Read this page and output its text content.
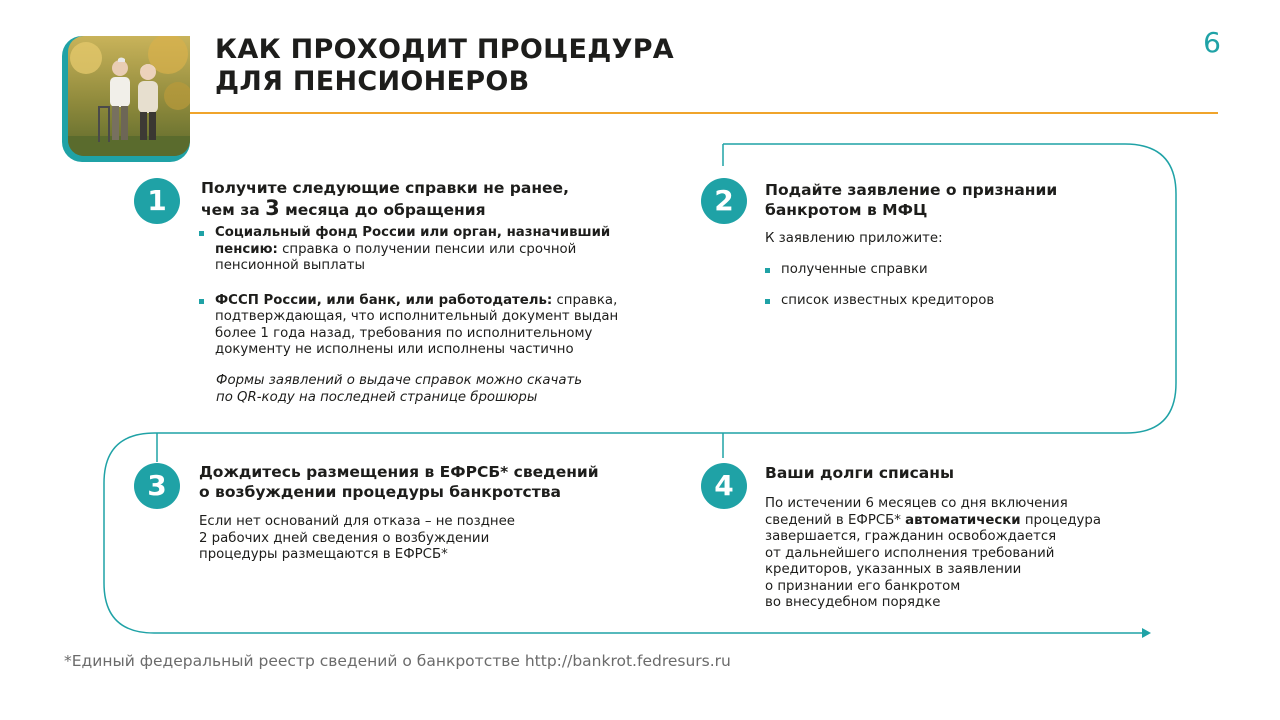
КАК ПРОХОДИТ ПРОЦЕДУРА
ДЛЯ ПЕНСИОНЕРОВ
6
1	Получите следующие справки не ранее,
чем за 3 месяца до обращения
Социальный фонд России или орган, назначивший
пенсию: справка о получении пенсии или срочной
пенсионной выплаты
ФССП России, или банк, или работодатель: справка,
подтверждающая, что исполнительный документ выдан
более 1 года назад, требования по исполнительному
документу не исполнены или исполнены частично
Формы заявлений о выдаче справок можно скачать
по QR-коду на последней странице брошюры
2	Подайте заявление о признании
банкротом в МФЦ
К заявлению приложите:
полученные справки
список известных кредиторов
3	Дождитесь размещения в ЕФРСБ* сведений
о возбуждении процедуры банкротства
Если нет оснований для отказа – не позднее
2 рабочих дней сведения о возбуждении
процедуры размещаются в ЕФРСБ*
4	Ваши долги списаны
По истечении 6 месяцев со дня включения
сведений в ЕФРСБ* автоматически процедура
завершается, гражданин освобождается
от дальнейшего исполнения требований
кредиторов, указанных в заявлении
о признании его банкротом
во внесудебном порядке
*Единый федеральный реестр сведений о банкротстве http://bankrot.fedresurs.ru
